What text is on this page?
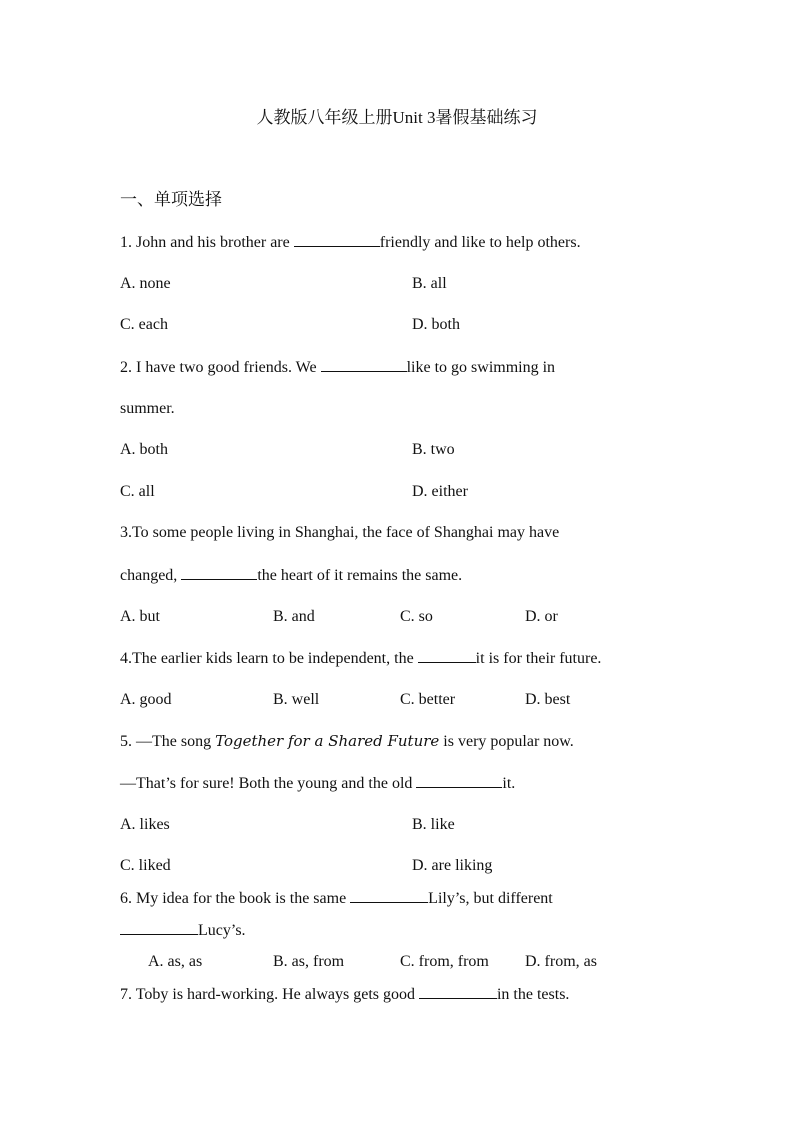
人教版八年级上册Unit 3暑假基础练习
一、单项选择
1. John and his brother are	friendly and like to help others.
A. none	B. all
C. each	D. both
2. I have two good friends. We	like to go swimming in
summer.
A. both	B. two
C. all	D. either
3.To some people living in Shanghai, the face of Shanghai may have
changed,	the heart of it remains the same.
A. but	B. and	C. so	D. or
4.The earlier kids learn to be independent, the	it is for their future.
A. good	B. well	C. better	D. best
5. —The song Together for a Shared Future is very popular now.
—That’s for sure! Both the young and the old	it.
A. likes	B. like
C. liked	D. are liking
6. My idea for the book is the same	Lily’s, but different
Lucy’s.
A. as, as	B. as, from	C. from, from D. from, as
7. Toby is hard-working. He always gets good	in the tests.
